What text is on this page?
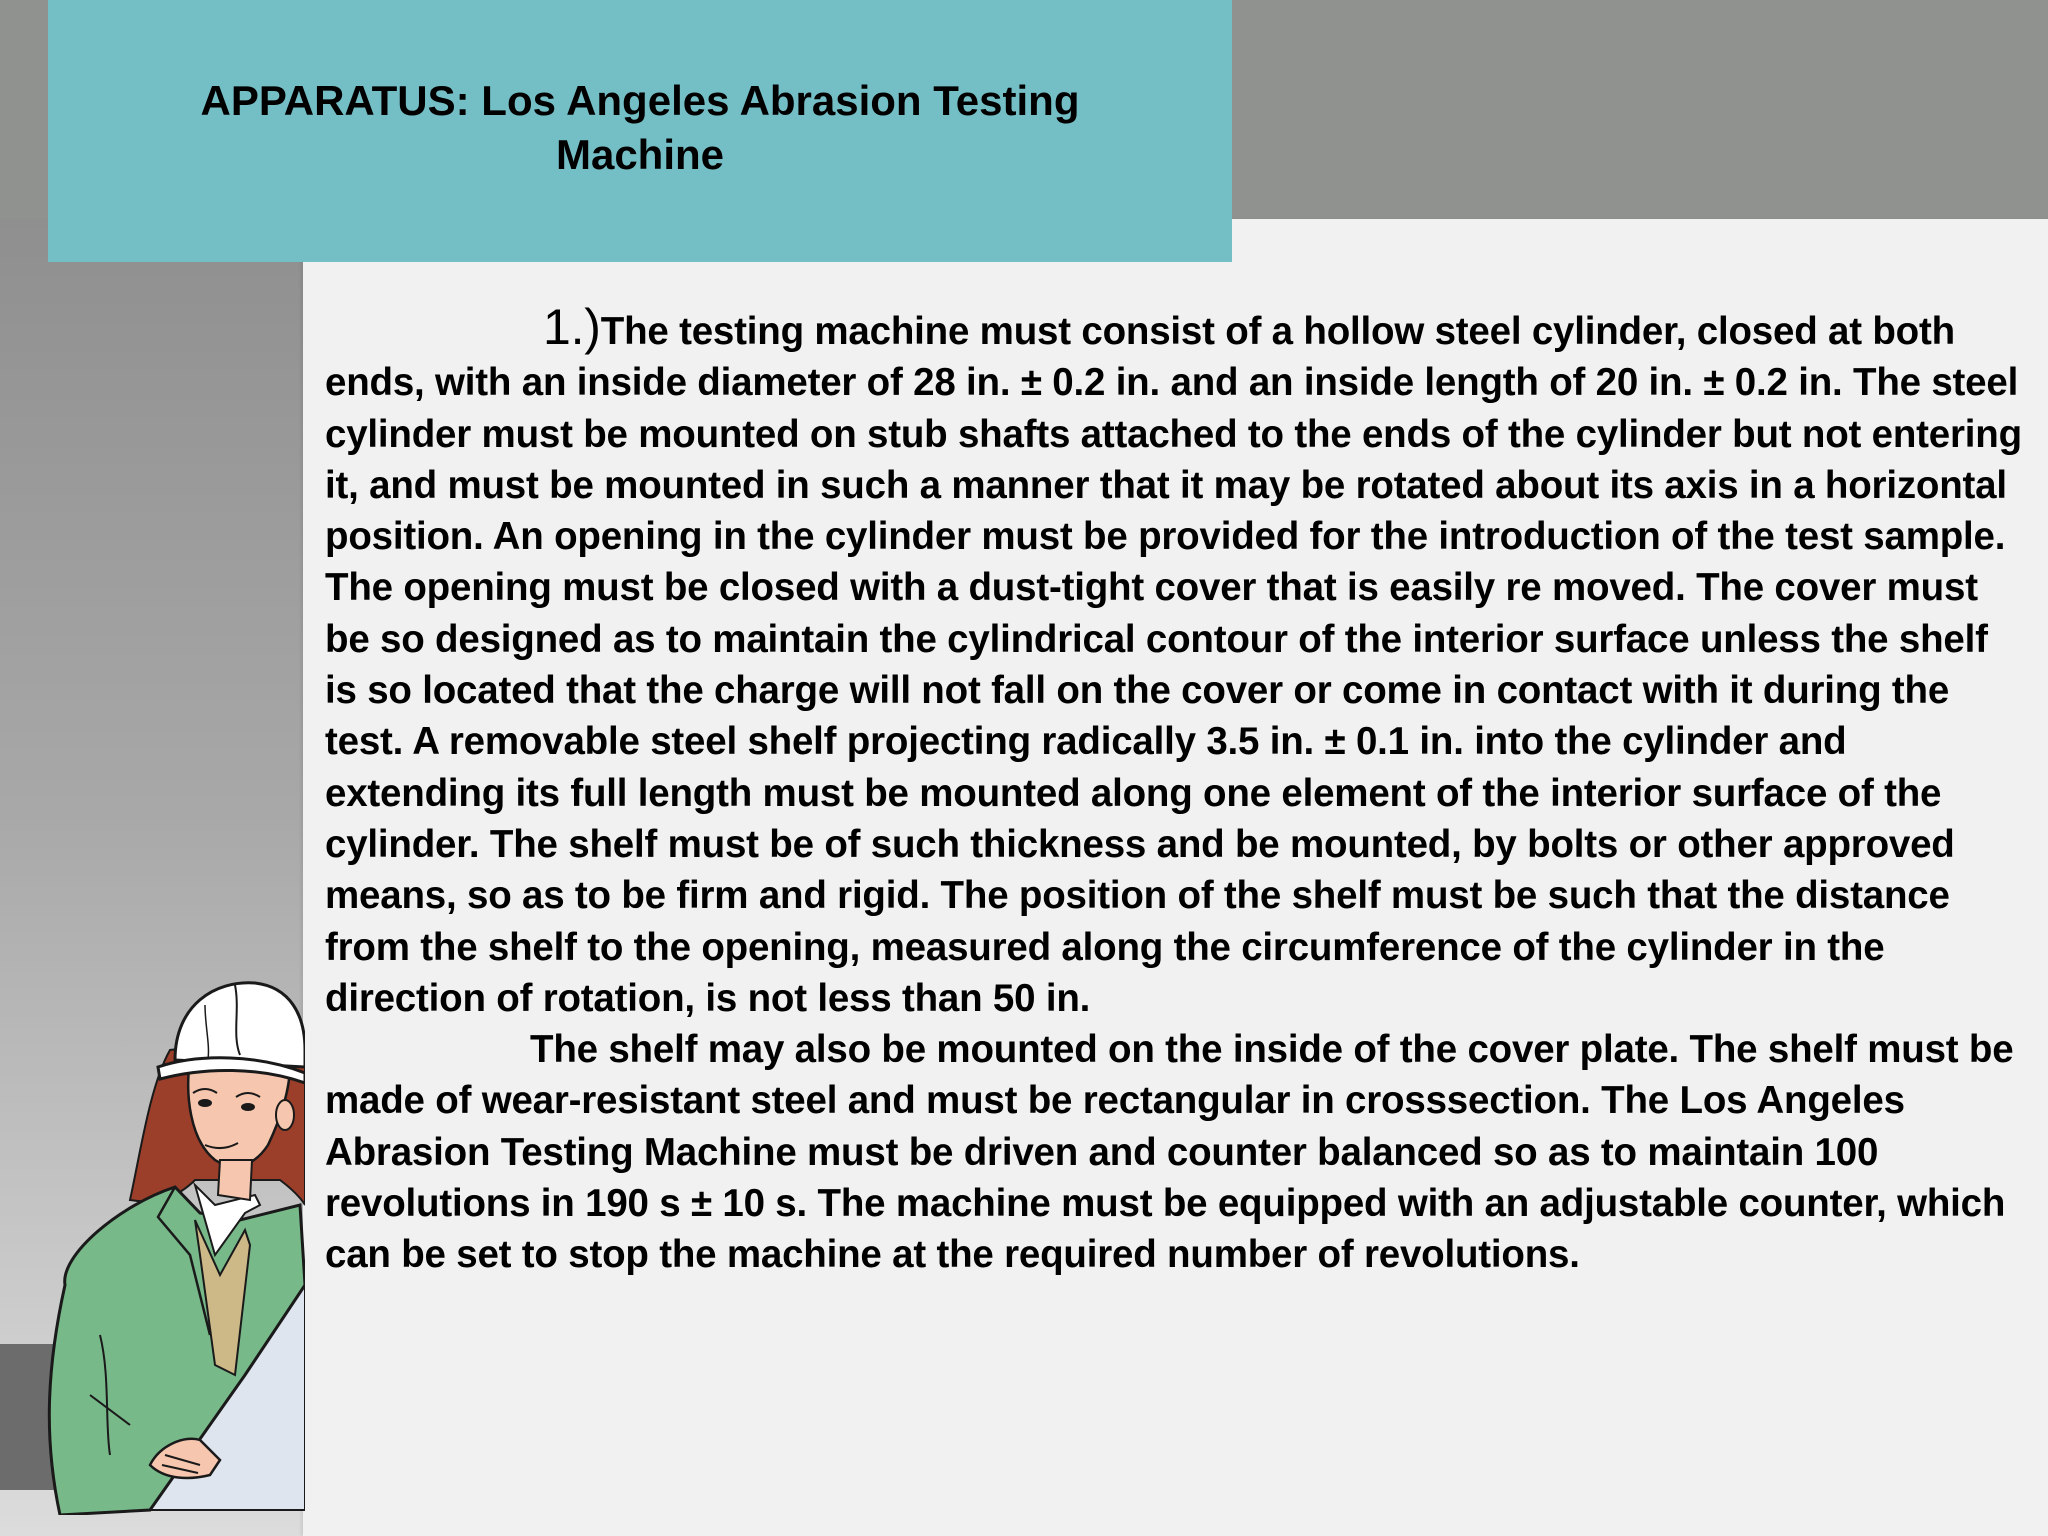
APPARATUS: Los Angeles Abrasion Testing Machine

1.)The testing machine must consist of a hollow steel cylinder, closed at both ends, with an inside diameter of 28 in. ± 0.2 in. and an inside length of 20 in. ± 0.2 in. The steel cylinder must be mounted on stub shafts attached to the ends of the cylinder but not entering it, and must be mounted in such a manner that it may be rotated about its axis in a horizontal position. An opening in the cylinder must be provided for the introduction of the test sample. The opening must be closed with a dust-tight cover that is easily re moved. The cover must be so designed as to maintain the cylindrical contour of the interior surface unless the shelf is so located that the charge will not fall on the cover or come in contact with it during the test. A removable steel shelf projecting radically 3.5 in. ± 0.1 in. into the cylinder and extending its full length must be mounted along one element of the interior surface of the cylinder. The shelf must be of such thickness and be mounted, by bolts or other approved means, so as to be firm and rigid. The position of the shelf must be such that the distance from the shelf to the opening, measured along the circumference of the cylinder in the direction of rotation, is not less than 50 in.

The shelf may also be mounted on the inside of the cover plate. The shelf must be made of wear-resistant steel and must be rectangular in crosssection. The Los Angeles Abrasion Testing Machine must be driven and counter balanced so as to maintain 100 revolutions in 190 s ± 10 s. The machine must be equipped with an adjustable counter, which can be set to stop the machine at the required number of revolutions.
